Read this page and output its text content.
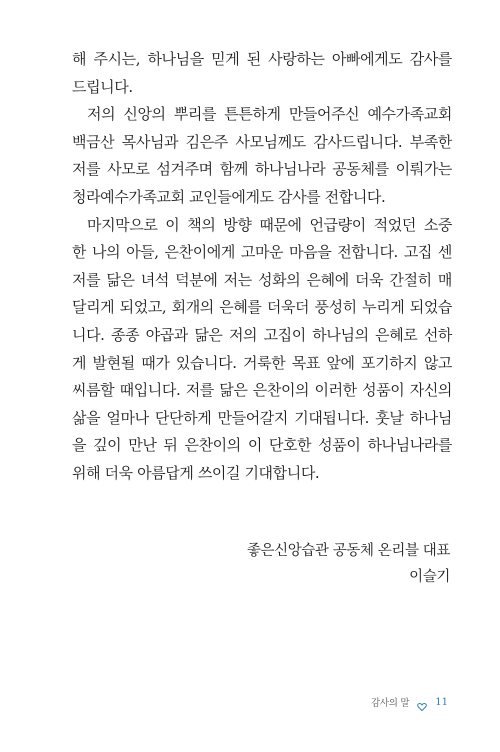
해 주시는, 하나님을 믿게 된 사랑하는 아빠에게도 감사를
드립니다.
저의 신앙의 뿌리를 튼튼하게 만들어주신 예수가족교회
백금산 목사님과 김은주 사모님께도 감사드립니다. 부족한
저를 사모로 섬겨주며 함께 하나님나라 공동체를 이뤄가는
청라예수가족교회 교인들에게도 감사를 전합니다.
마지막으로 이 책의 방향 때문에 언급량이 적었던 소중
한 나의 아들, 은찬이에게 고마운 마음을 전합니다. 고집 센
저를 닮은 녀석 덕분에 저는 성화의 은혜에 더욱 간절히 매
달리게 되었고, 회개의 은혜를 더욱더 풍성히 누리게 되었습
니다. 종종 야곱과 닮은 저의 고집이 하나님의 은혜로 선하
게 발현될 때가 있습니다. 거룩한 목표 앞에 포기하지 않고
씨름할 때입니다. 저를 닮은 은찬이의 이러한 성품이 자신의
삶을 얼마나 단단하게 만들어갈지 기대됩니다. 훗날 하나님
을 깊이 만난 뒤 은찬이의 이 단호한 성품이 하나님나라를
위해 더욱 아름답게 쓰이길 기대합니다.
좋은신앙습관 공동체 온리블 대표
이슬기
감사의 말	11
